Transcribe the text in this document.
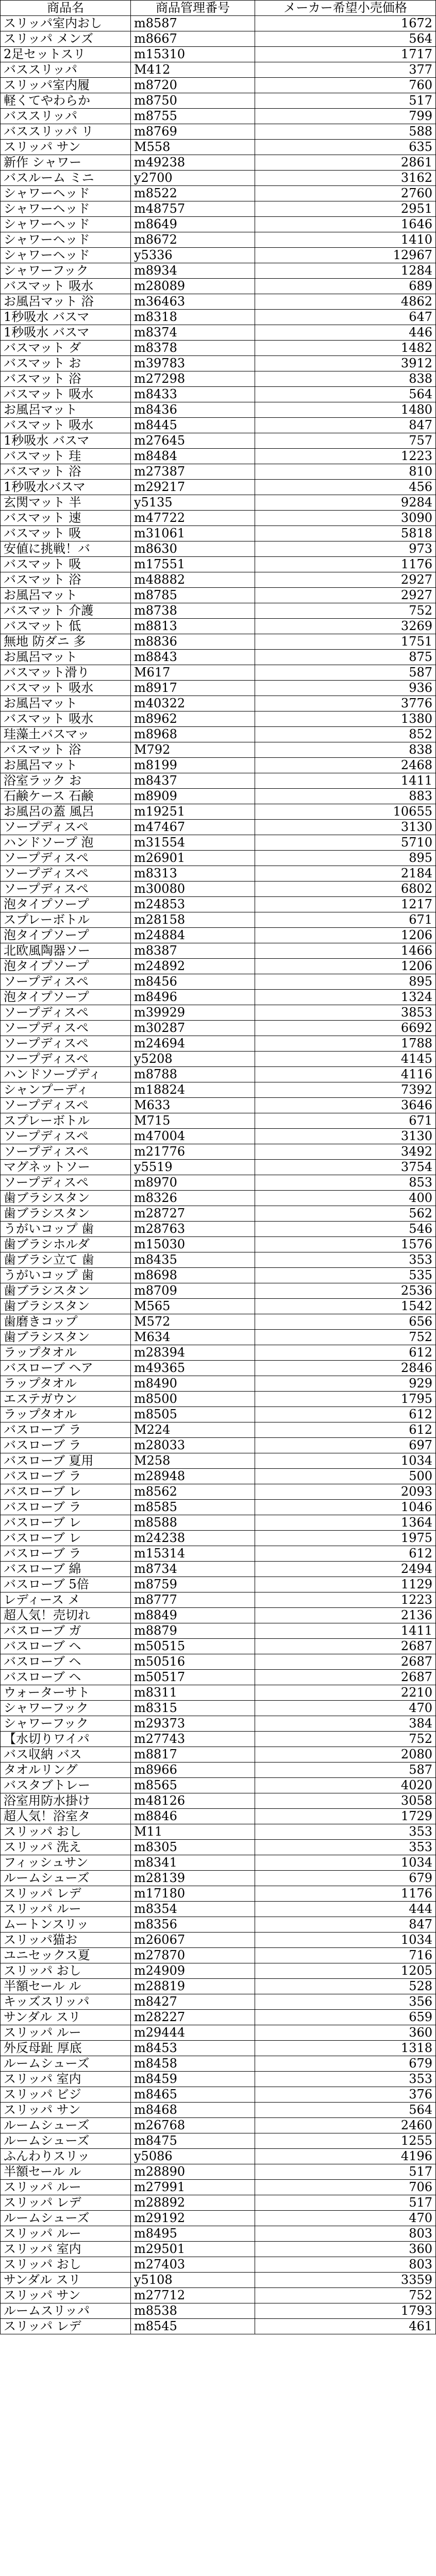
商品名	商品管理番号	メーカー希望小売価格
スリッパ室内おし	m8587	1672
スリッパ メンズ	m8667	564
2足セットスリ	m15310	1717
バススリッパ	M412	377
スリッパ室内履	m8720	760
軽くてやわらか	m8750	517
バススリッパ	m8755	799
バススリッパ リ	m8769	588
スリッパ サン	M558	635
新作 シャワー	m49238	2861
バスルーム ミニ	y2700	3162
シャワーヘッド	m8522	2760
シャワーヘッド	m48757	2951
シャワーヘッド	m8649	1646
シャワーヘッド	m8672	1410
シャワーヘッド	y5336	12967
シャワーフック	m8934	1284
バスマット 吸水	m28089	689
お風呂マット 浴	m36463	4862
1秒吸水 バスマ	m8318	647
1秒吸水 バスマ	m8374	446
バスマット ダ	m8378	1482
バスマット お	m39783	3912
バスマット 浴	m27298	838
バスマット 吸水	m8433	564
お風呂マット	m8436	1480
バスマット 吸水	m8445	847
1秒吸水 バスマ	m27645	757
バスマット 珪	m8484	1223
バスマット 浴	m27387	810
1秒吸水バスマ	m29217	456
玄関マット 半	y5135	9284
バスマット 速	m47722	3090
バスマット 吸	m31061	5818
安値に挑戦！バ	m8630	973
バスマット 吸	m17551	1176
バスマット 浴	m48882	2927
お風呂マット	m8785	2927
バスマット 介護	m8738	752
バスマット 低	m8813	3269
無地 防ダニ 多	m8836	1751
お風呂マット	m8843	875
バスマット滑り	M617	587
バスマット 吸水	m8917	936
お風呂マット	m40322	3776
バスマット 吸水	m8962	1380
珪藻土バスマッ	m8968	852
バスマット 浴	M792	838
お風呂マット	m8199	2468
浴室ラック お	m8437	1411
石鹸ケース 石鹸	m8909	883
お風呂の蓋 風呂	m19251	10655
ソープディスペ	m47467	3130
ハンドソープ 泡	m31554	5710
ソープディスペ	m26901	895
ソープディスペ	m8313	2184
ソープディスペ	m30080	6802
泡タイプソープ	m24853	1217
スプレーボトル	m28158	671
泡タイプソープ	m24884	1206
北欧風陶器ソー	m8387	1466
泡タイプソープ	m24892	1206
ソープディスペ	m8456	895
泡タイプソープ	m8496	1324
ソープディスペ	m39929	3853
ソープディスペ	m30287	6692
ソープディスペ	m24694	1788
ソープディスペ	y5208	4145
ハンドソープディ	m8788	4116
シャンプーディ	m18824	7392
ソープディスペ	M633	3646
スプレーボトル	M715	671
ソープディスペ	m47004	3130
ソープディスペ	m21776	3492
マグネットソー	y5519	3754
ソープディスペ	m8970	853
歯ブラシスタン	m8326	400
歯ブラシスタン	m28727	562
うがいコップ 歯	m28763	546
歯ブラシホルダ	m15030	1576
歯ブラシ立て 歯	m8435	353
うがいコップ 歯	m8698	535
歯ブラシスタン	m8709	2536
歯ブラシスタン	M565	1542
歯磨きコップ	M572	656
歯ブラシスタン	M634	752
ラップタオル	m28394	612
バスローブ ヘア	m49365	2846
ラップタオル	m8490	929
エステガウン	m8500	1795
ラップタオル	m8505	612
バスローブ ラ	M224	612
バスローブ ラ	m28033	697
バスローブ 夏用	M258	1034
バスローブ ラ	m28948	500
バスローブ レ	m8562	2093
バスローブ ラ	m8585	1046
バスローブ レ	m8588	1364
バスローブ レ	m24238	1975
バスローブ ラ	m15314	612
バスローブ 綿	m8734	2494
バスローブ 5倍	m8759	1129
レディース メ	m8777	1223
超人気！売切れ	m8849	2136
バスローブ ガ	m8879	1411
バスローブ ヘ	m50515	2687
バスローブ ヘ	m50516	2687
バスローブ ヘ	m50517	2687
ウォーターサト	m8311	2210
シャワーフック	m8315	470
シャワーフック	m29373	384
【水切りワイパ	m27743	752
バス収納 バス	m8817	2080
タオルリング	m8966	587
バスタブトレー	m8565	4020
浴室用防水掛け	m48126	3058
超人気！浴室タ	m8846	1729
スリッパ おし	M11	353
スリッパ 洗え	m8305	353
フィッシュサン	m8341	1034
ルームシューズ	m28139	679
スリッパ レデ	m17180	1176
スリッパ ルー	m8354	444
ムートンスリッ	m8356	847
スリッパ猫お	m26067	1034
ユニセックス夏	m27870	716
スリッパ おし	m24909	1205
半額セール ル	m28819	528
キッズスリッパ	m8427	356
サンダル スリ	m28227	659
スリッパ ルー	m29444	360
外反母趾 厚底	m8453	1318
ルームシューズ	m8458	679
スリッパ 室内	m8459	353
スリッパ ビジ	m8465	376
スリッパ サン	m8468	564
ルームシューズ	m26768	2460
ルームシューズ	m8475	1255
ふんわりスリッ	y5086	4196
半額セール ル	m28890	517
スリッパ ルー	m27991	706
スリッパ レデ	m28892	517
ルームシューズ	m29192	470
スリッパ ルー	m8495	803
スリッパ 室内	m29501	360
スリッパ おし	m27403	803
サンダル スリ	y5108	3359
スリッパ サン	m27712	752
ルームスリッパ	m8538	1793
スリッパ レデ	m8545	461
